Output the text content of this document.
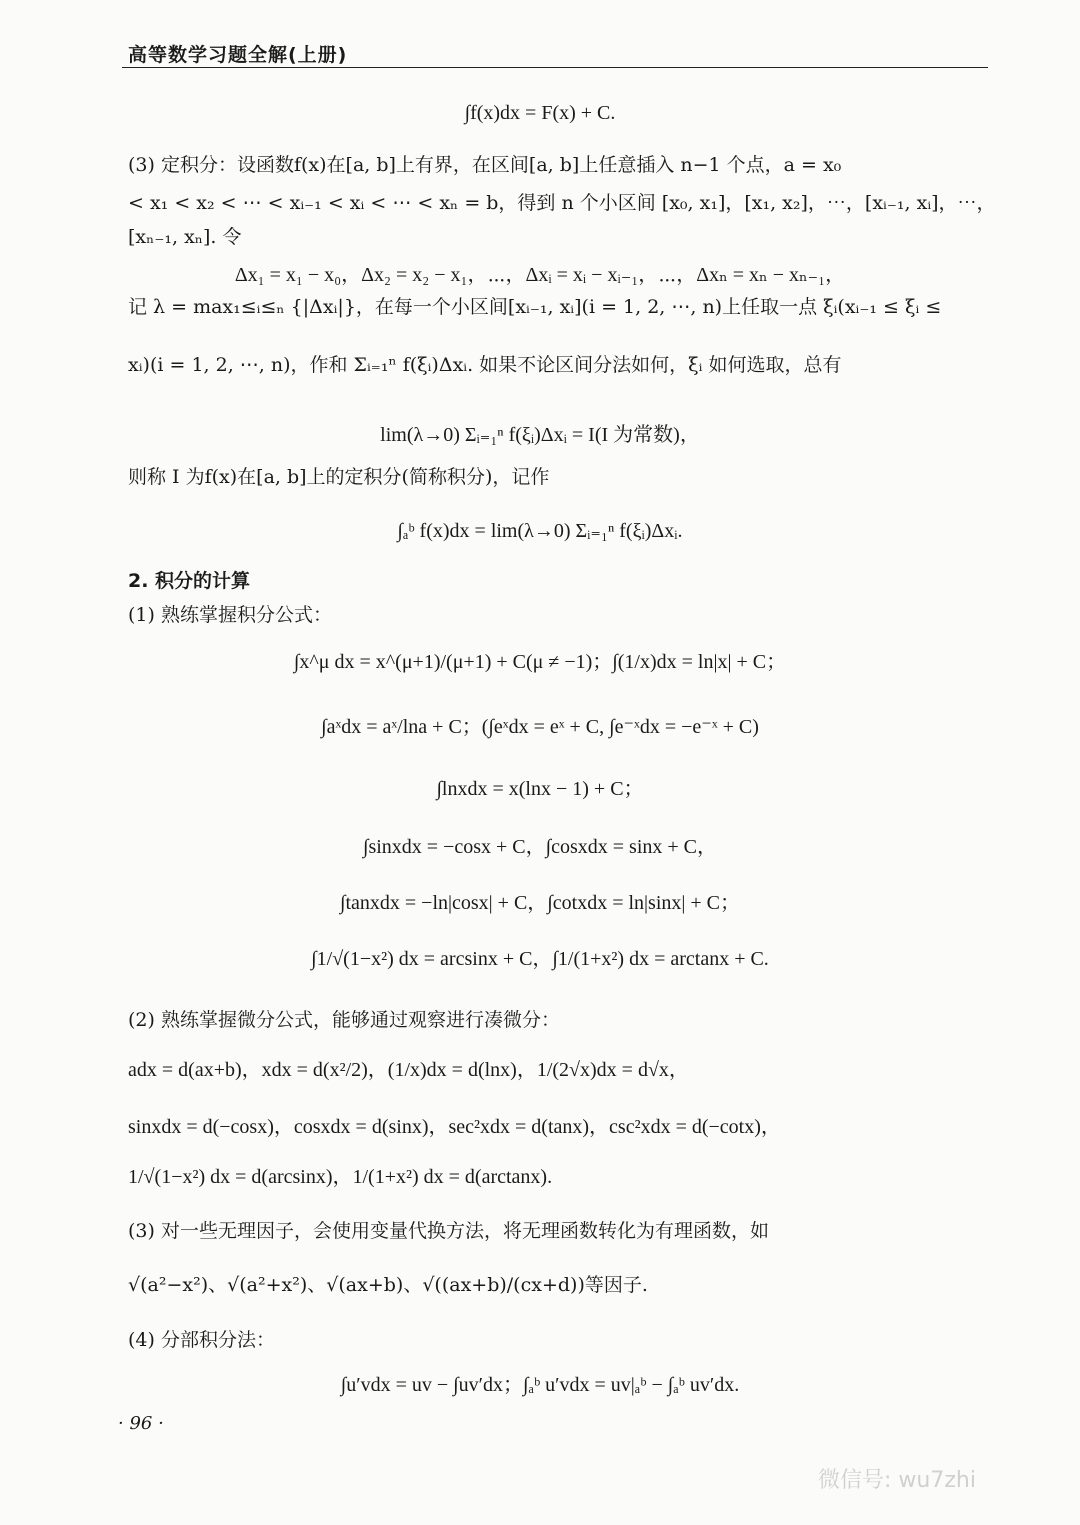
高等数学习题全解(上册)
∫f(x)dx = F(x) + C.
(3) 定积分：设函数f(x)在[a, b]上有界，在区间[a, b]上任意插入 n−1 个点，a = x₀
< x₁ < x₂ < ⋯ < xᵢ₋₁ < xᵢ < ⋯ < xₙ = b，得到 n 个小区间 [x₀, x₁]，[x₁, x₂]，⋯，[xᵢ₋₁, xᵢ]，⋯，
[xₙ₋₁, xₙ]. 令
Δx₁ = x₁ − x₀，Δx₂ = x₂ − x₁，⋯，Δxᵢ = xᵢ − xᵢ₋₁，⋯，Δxₙ = xₙ − xₙ₋₁，
记 λ = max₁≤ᵢ≤ₙ {|Δxᵢ|}，在每一个小区间[xᵢ₋₁, xᵢ](i = 1, 2, ⋯, n)上任取一点 ξᵢ(xᵢ₋₁ ≤ ξᵢ ≤
xᵢ)(i = 1, 2, ⋯, n)，作和 Σᵢ₌₁ⁿ f(ξᵢ)Δxᵢ. 如果不论区间分法如何，ξᵢ 如何选取，总有
lim(λ→0) Σᵢ₌₁ⁿ f(ξᵢ)Δxᵢ = I(I 为常数)，
则称 I 为f(x)在[a, b]上的定积分(简称积分)，记作
∫ₐᵇ f(x)dx = lim(λ→0) Σᵢ₌₁ⁿ f(ξᵢ)Δxᵢ.
2. 积分的计算
(1) 熟练掌握积分公式：
∫x^μ dx = x^(μ+1)/(μ+1) + C(μ ≠ −1)；∫(1/x)dx = ln|x| + C；
∫aˣdx = aˣ/lna + C；(∫eˣdx = eˣ + C, ∫e⁻ˣdx = −e⁻ˣ + C)
∫lnxdx = x(lnx − 1) + C；
∫sinxdx = −cosx + C，∫cosxdx = sinx + C，
∫tanxdx = −ln|cosx| + C，∫cotxdx = ln|sinx| + C；
∫1/√(1−x²) dx = arcsinx + C，∫1/(1+x²) dx = arctanx + C.
(2) 熟练掌握微分公式，能够通过观察进行凑微分：
adx = d(ax+b)，xdx = d(x²/2)，(1/x)dx = d(lnx)，1/(2√x)dx = d√x，
sinxdx = d(−cosx)，cosxdx = d(sinx)，sec²xdx = d(tanx)，csc²xdx = d(−cotx)，
1/√(1−x²) dx = d(arcsinx)，1/(1+x²) dx = d(arctanx).
(3) 对一些无理因子，会使用变量代换方法，将无理函数转化为有理函数，如
√(a²−x²)、√(a²+x²)、√(ax+b)、√((ax+b)/(cx+d))等因子.
(4) 分部积分法：
∫u′vdx = uv − ∫uv′dx；∫ₐᵇ u′vdx = uv|ₐᵇ − ∫ₐᵇ uv′dx.
· 96 ·
微信号: wu7zhi
